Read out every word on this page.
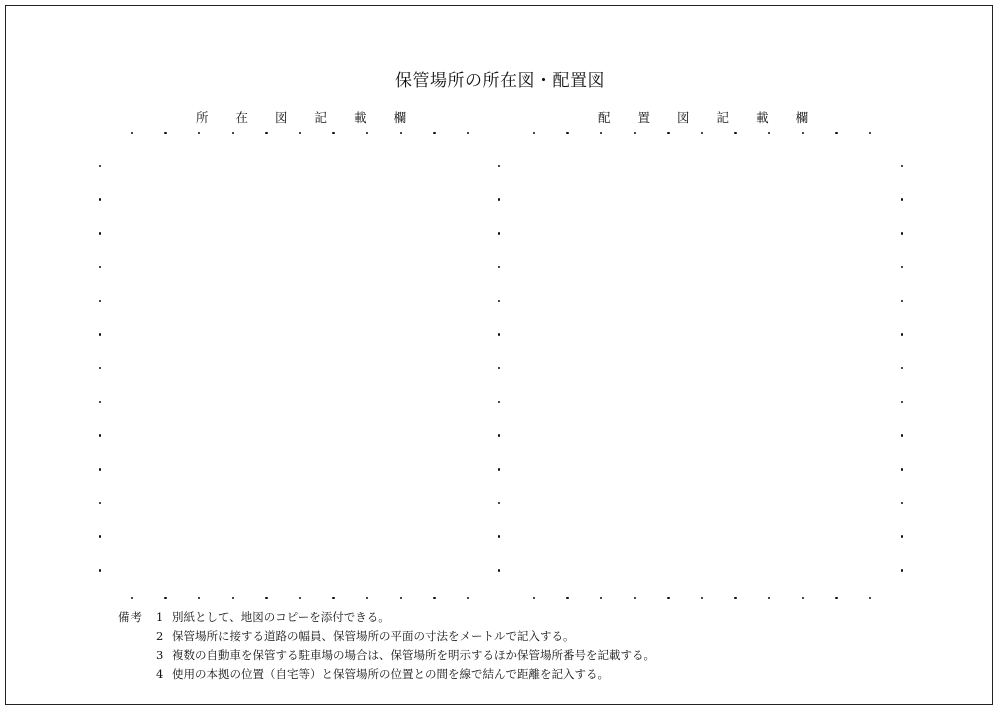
保管場所の所在図・配置図
所 在 図 記 載 欄	配 置 図 記 載 欄
備考	1 別紙として、地図のコピーを添付できる。
2 保管場所に接する道路の幅員、保管場所の平面の寸法をメートルで記入する。
3 複数の自動車を保管する駐車場の場合は、保管場所を明示するほか保管場所番号を記載する。
4 使用の本拠の位置（自宅等）と保管場所の位置との間を線で結んで距離を記入する。
